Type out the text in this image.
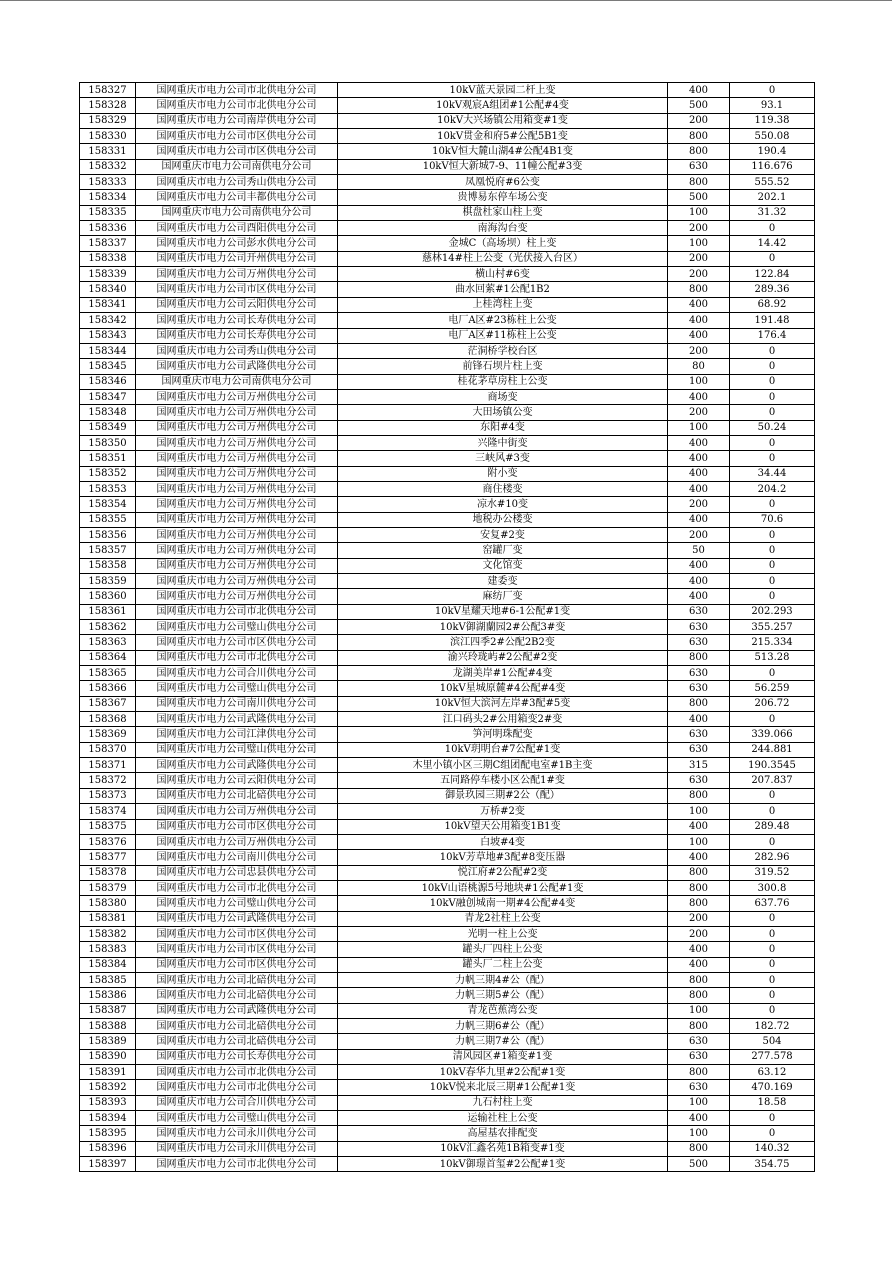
158327	国网重庆市电力公司市北供电分公司	10kV蓝天景园二杆上变	400	0
158328	国网重庆市电力公司市北供电分公司	10kV观宸A组团#1公配#4变	500	93.1
158329	国网重庆市电力公司南岸供电分公司	10kV大兴场镇公用箱变#1变	200	119.38
158330	国网重庆市电力公司市区供电分公司	10kV贯金和府5#公配5B1变	800	550.08
158331	国网重庆市电力公司市区供电分公司	10kV恒大麓山湖4#公配4B1变	800	190.4
158332	国网重庆市电力公司南供电分公司	10kV恒大新城7-9、11幢公配#3变	630	116.676
158333	国网重庆市电力公司秀山供电分公司	凤凰悦府#6公变	800	555.52
158334	国网重庆市电力公司丰都供电分公司	贵博易东停车场公变	500	202.1
158335	国网重庆市电力公司南供电分公司	棋盘杜家山柱上变	100	31.32
158336	国网重庆市电力公司酉阳供电分公司	南海沟台变	200	0
158337	国网重庆市电力公司彭水供电分公司	金城C（高场坝）柱上变	100	14.42
158338	国网重庆市电力公司开州供电分公司	慈林14#柱上公变（光伏接入台区）	200	0
158339	国网重庆市电力公司万州供电分公司	横山村#6变	200	122.84
158340	国网重庆市电力公司市区供电分公司	曲水回萦#1公配1B2	800	289.36
158341	国网重庆市电力公司云阳供电分公司	上桂湾柱上变	400	68.92
158342	国网重庆市电力公司长寿供电分公司	电厂A区#23栋柱上公变	400	191.48
158343	国网重庆市电力公司长寿供电分公司	电厂A区#11栋柱上公变	400	176.4
158344	国网重庆市电力公司秀山供电分公司	茫洞桥学校台区	200	0
158345	国网重庆市电力公司武隆供电分公司	前锋石坝片柱上变	80	0
158346	国网重庆市电力公司南供电分公司	桂花茅草房柱上公变	100	0
158347	国网重庆市电力公司万州供电分公司	商场变	400	0
158348	国网重庆市电力公司万州供电分公司	大田场镇公变	200	0
158349	国网重庆市电力公司万州供电分公司	东阳#4变	100	50.24
158350	国网重庆市电力公司万州供电分公司	兴隆中街变	400	0
158351	国网重庆市电力公司万州供电分公司	三峡风#3变	400	0
158352	国网重庆市电力公司万州供电分公司	附小变	400	34.44
158353	国网重庆市电力公司万州供电分公司	商住楼变	400	204.2
158354	国网重庆市电力公司万州供电分公司	凉水#10变	200	0
158355	国网重庆市电力公司万州供电分公司	地税办公楼变	400	70.6
158356	国网重庆市电力公司万州供电分公司	安复#2变	200	0
158357	国网重庆市电力公司万州供电分公司	窑罐厂变	50	0
158358	国网重庆市电力公司万州供电分公司	文化馆变	400	0
158359	国网重庆市电力公司万州供电分公司	建委变	400	0
158360	国网重庆市电力公司万州供电分公司	麻纺厂变	400	0
158361	国网重庆市电力公司市北供电分公司	10kV星耀天地#6-1公配#1变	630	202.293
158362	国网重庆市电力公司璧山供电分公司	10kV御湖蘭园2#公配3#变	630	355.257
158363	国网重庆市电力公司市区供电分公司	滨江四季2#公配2B2变	630	215.334
158364	国网重庆市电力公司市北供电分公司	渝兴玲珑屿#2公配#2变	800	513.28
158365	国网重庆市电力公司合川供电分公司	龙湖美岸#1公配#4变	630	0
158366	国网重庆市电力公司璧山供电分公司	10kV星城原麓#4公配#4变	630	56.259
158367	国网重庆市电力公司南川供电分公司	10kV恒大滨河左岸#3配#5变	800	206.72
158368	国网重庆市电力公司武隆供电分公司	江口码头2#公用箱变2#变	400	0
158369	国网重庆市电力公司江津供电分公司	笋河明珠配变	630	339.066
158370	国网重庆市电力公司璧山供电分公司	10kV玥明台#7公配#1变	630	244.881
158371	国网重庆市电力公司武隆供电分公司	木里小镇小区三期C组团配电室#1B主变	315	190.3545
158372	国网重庆市电力公司云阳供电分公司	五同路停车楼小区公配1#变	630	207.837
158373	国网重庆市电力公司北碚供电分公司	御景玖园三期#2公（配）	800	0
158374	国网重庆市电力公司万州供电分公司	万桥#2变	100	0
158375	国网重庆市电力公司市区供电分公司	10kV望天公用箱变1B1变	400	289.48
158376	国网重庆市电力公司万州供电分公司	白坡#4变	100	0
158377	国网重庆市电力公司南川供电分公司	10kV芳草地#3配#8变压器	400	282.96
158378	国网重庆市电力公司忠县供电分公司	悦江府#2公配#2变	800	319.52
158379	国网重庆市电力公司市北供电分公司	10kV山语桃源5号地块#1公配#1变	800	300.8
158380	国网重庆市电力公司璧山供电分公司	10kV融创城南一期#4公配#4变	800	637.76
158381	国网重庆市电力公司武隆供电分公司	青龙2社柱上公变	200	0
158382	国网重庆市电力公司市区供电分公司	光明一柱上公变	200	0
158383	国网重庆市电力公司市区供电分公司	罐头厂四柱上公变	400	0
158384	国网重庆市电力公司市区供电分公司	罐头厂二柱上公变	400	0
158385	国网重庆市电力公司北碚供电分公司	力帆三期4#公（配）	800	0
158386	国网重庆市电力公司北碚供电分公司	力帆三期5#公（配）	800	0
158387	国网重庆市电力公司武隆供电分公司	青龙芭蕉湾公变	100	0
158388	国网重庆市电力公司北碚供电分公司	力帆三期6#公（配）	800	182.72
158389	国网重庆市电力公司北碚供电分公司	力帆三期7#公（配）	630	504
158390	国网重庆市电力公司长寿供电分公司	清风园区#1箱变#1变	630	277.578
158391	国网重庆市电力公司市北供电分公司	10kV春华九里#2公配#1变	800	63.12
158392	国网重庆市电力公司市北供电分公司	10kV悦来北辰三期#1公配#1变	630	470.169
158393	国网重庆市电力公司合川供电分公司	九石村柱上变	100	18.58
158394	国网重庆市电力公司璧山供电分公司	运输社柱上公变	400	0
158395	国网重庆市电力公司永川供电分公司	高屋基农排配变	100	0
158396	国网重庆市电力公司永川供电分公司	10kV汇鑫名苑1B箱变#1变	800	140.32
158397	国网重庆市电力公司市北供电分公司	10kV御璟首玺#2公配#1变	500	354.75
